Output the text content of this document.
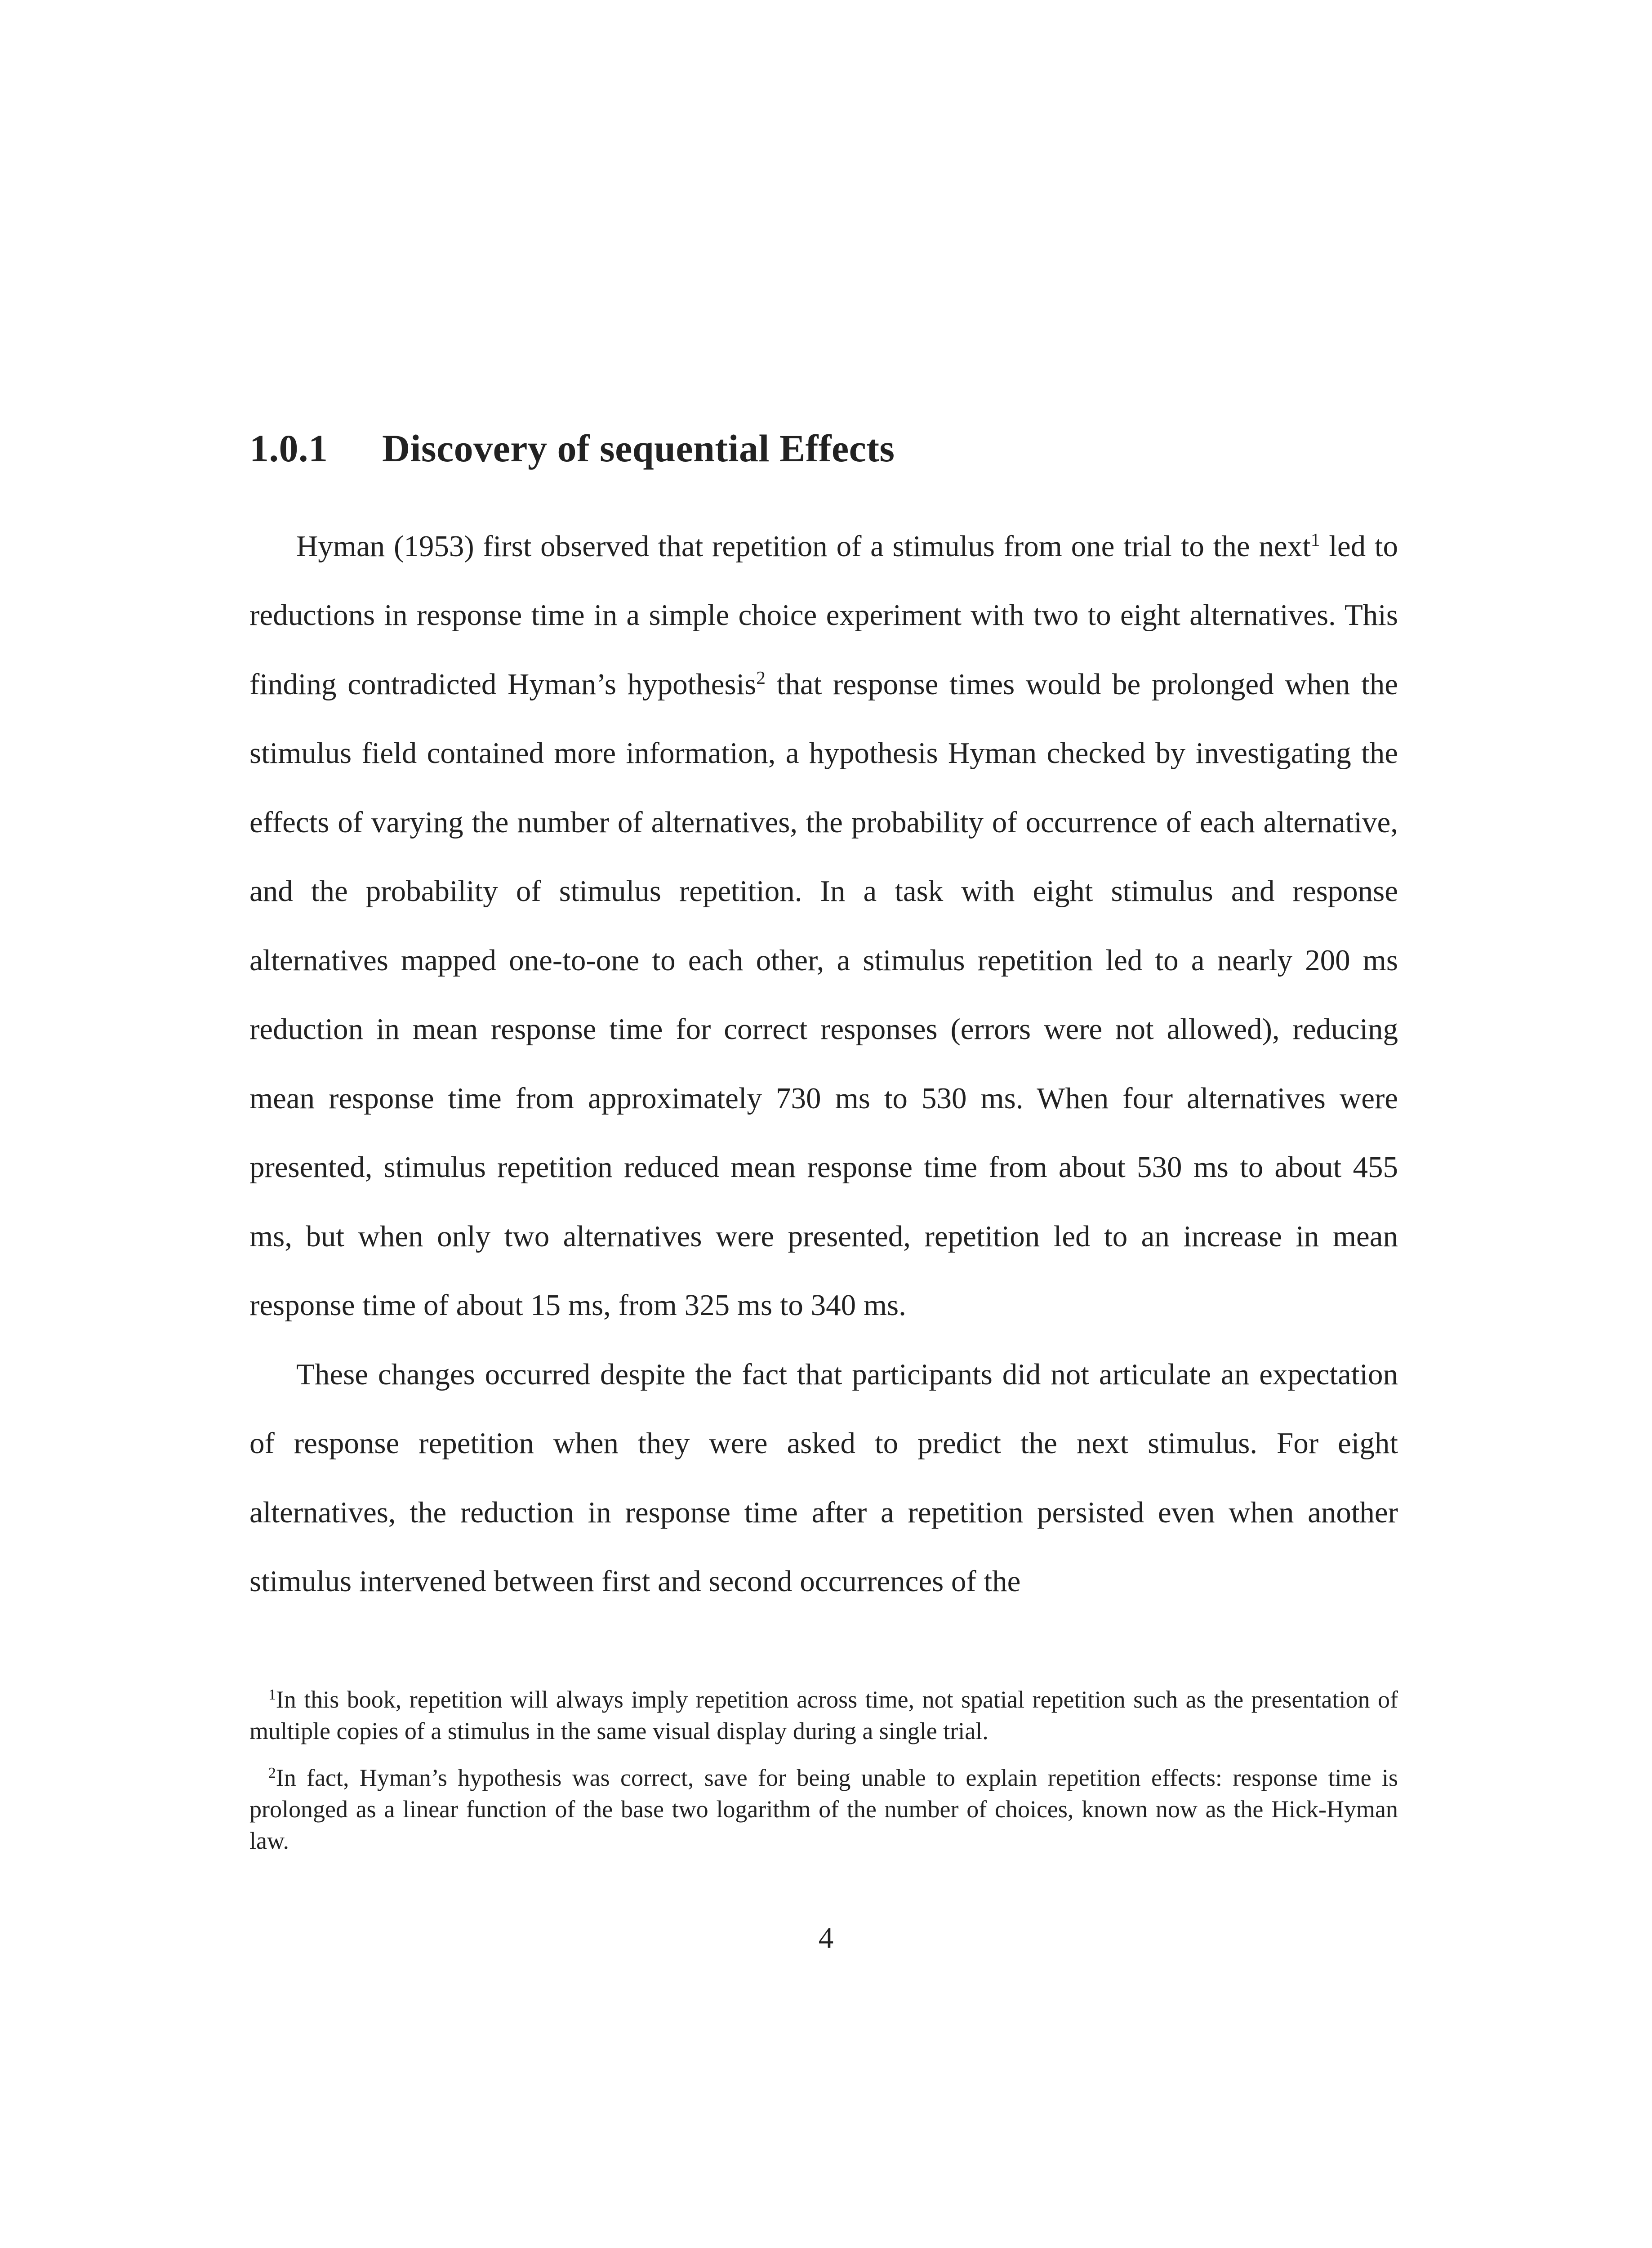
1.0.1 Discovery of sequential Effects

Hyman (1953) first observed that repetition of a stimulus from one trial to the next$^1$ led to reductions in response time in a simple choice experiment with two to eight alternatives. This finding contradicted Hyman’s hypothesis$^2$ that response times would be prolonged when the stimulus field contained more information, a hypothesis Hyman checked by investigating the effects of varying the number of alternatives, the probability of occurrence of each alternative, and the probability of stimulus repetition. In a task with eight stimulus and response alternatives mapped one-to-one to each other, a stimulus repetition led to a nearly 200 ms reduction in mean response time for correct responses (errors were not allowed), reducing mean response time from approximately 730 ms to 530 ms. When four alternatives were presented, stimulus repetition reduced mean response time from about 530 ms to about 455 ms, but when only two alternatives were presented, repetition led to an increase in mean response time of about 15 ms, from 325 ms to 340 ms.

These changes occurred despite the fact that participants did not articulate an expectation of response repetition when they were asked to predict the next stimulus. For eight alternatives, the reduction in response time after a repetition persisted even when another stimulus intervened between first and second occurrences of the

$^1$In this book, repetition will always imply repetition across time, not spatial repetition such as the presentation of multiple copies of a stimulus in the same visual display during a single trial.

$^2$In fact, Hyman’s hypothesis was correct, save for being unable to explain repetition effects: response time is prolonged as a linear function of the base two logarithm of the number of choices, known now as the Hick-Hyman law.

4
